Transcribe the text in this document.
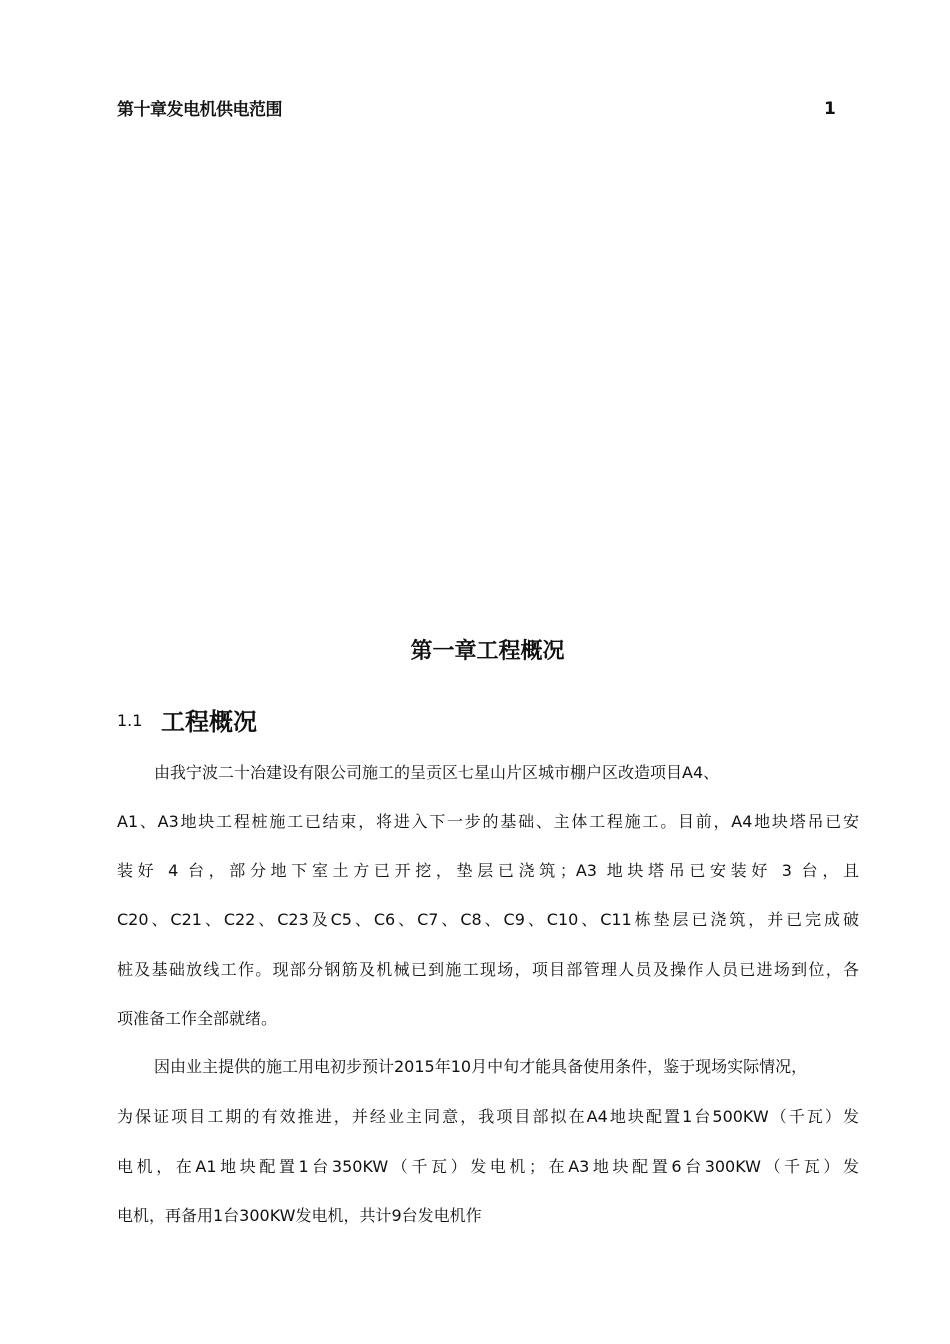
第十章发电机供电范围	1
第一章工程概况
1.1 工程概况
由我宁波二十冶建设有限公司施工的呈贡区七星山片区城市棚户区改造项目A4、
A1、A3地块工程桩施工已结束，将进入下一步的基础、主体工程施工。目前，A4地块塔吊已安
装好 4 台，部分地下室土方已开挖，垫层已浇筑；A3 地块塔吊已安装好 3 台，且
C20、C21、C22、C23及C5、C6、C7、C8、C9、C10、C11栋垫层已浇筑，并已完成破
桩及基础放线工作。现部分钢筋及机械已到施工现场，项目部管理人员及操作人员已进场到位，各
项准备工作全部就绪。
因由业主提供的施工用电初步预计2015年10月中旬才能具备使用条件，鉴于现场实际情况，
为保证项目工期的有效推进，并经业主同意，我项目部拟在A4地块配置1台500KW（千瓦）发
电机，在A1地块配置1台350KW（千瓦）发电机；在A3地块配置6台300KW（千瓦）发
电机，再备用1台300KW发电机，共计9台发电机作
